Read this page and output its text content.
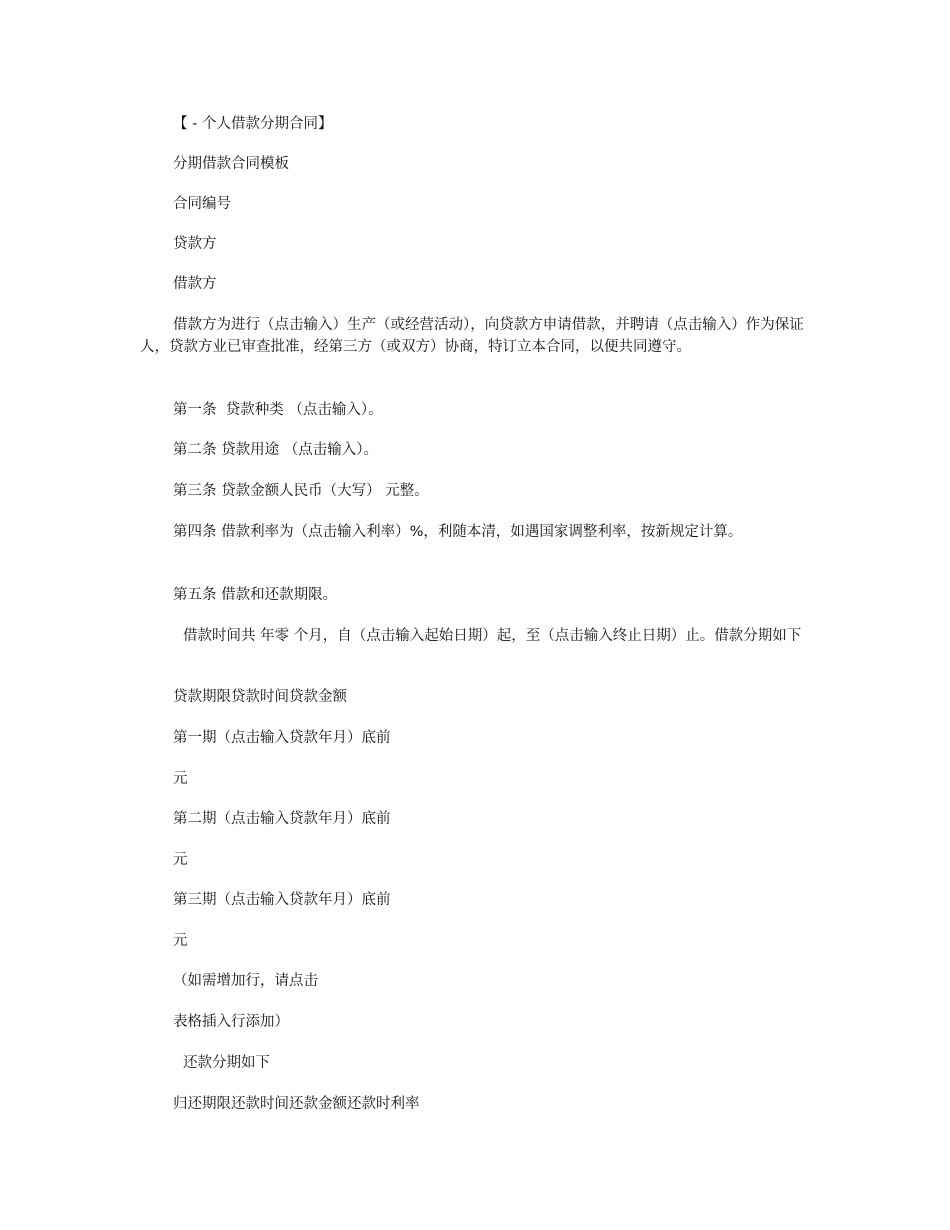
【 - 个人借款分期合同】

分期借款合同模板

合同编号

贷款方

借款方

借款方为进行（点击输入）生产（或经营活动），向贷款方申请借款，并聘请（点击输入）作为保证人，贷款方业已审查批准，经第三方（或双方）协商，特订立本合同，以便共同遵守。

第一条  贷款种类 （点击输入）。

第二条 贷款用途 （点击输入）。

第三条 贷款金额人民币（大写） 元整。

第四条 借款利率为（点击输入利率）%，利随本清，如遇国家调整利率，按新规定计算。

第五条 借款和还款期限。

借款时间共 年零 个月，自（点击输入起始日期）起，至（点击输入终止日期）止。借款分期如下

贷款期限贷款时间贷款金额

第一期（点击输入贷款年月）底前

元

第二期（点击输入贷款年月）底前

元

第三期（点击输入贷款年月）底前

元

（如需增加行，请点击

表格插入行添加）

还款分期如下

归还期限还款时间还款金额还款时利率
